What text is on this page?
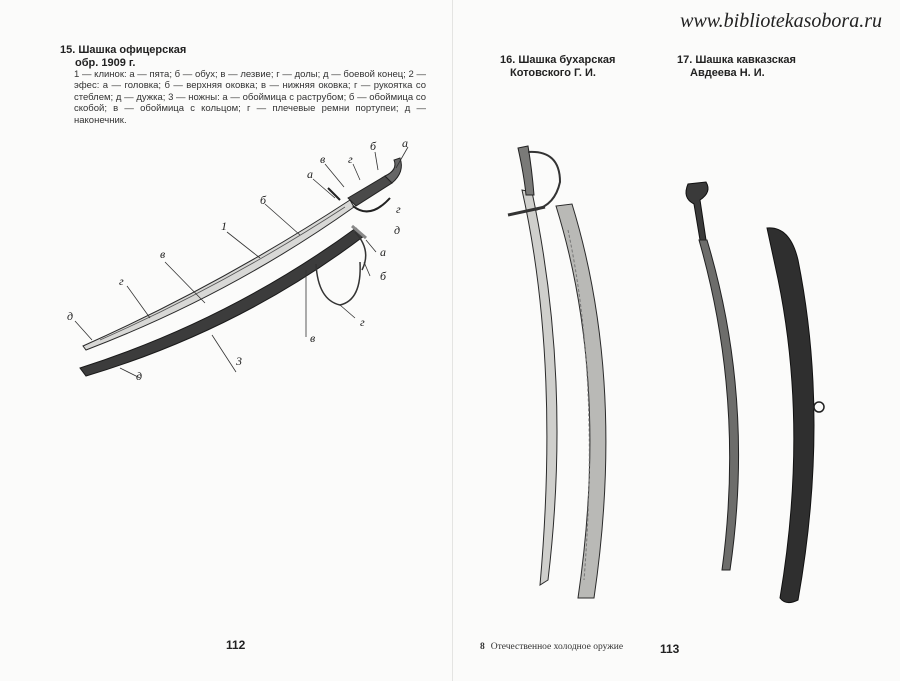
www.bibliotekasobora.ru
15. Шашка офицерская
обр. 1909 г.
1 — клинок: а — пята; б — обух; в — лезвие; г — долы; д — боевой конец; 2 — эфес: а — головка; б — верхняя оковка; в — нижняя оковка; г — рукоятка со стеблем; д — дужка; 3 — ножны: а — обоймица с раструбом; б — обоймица со скобой; в — обоймица с кольцом; г — плечевые ремни портупеи; д — наконечник.
16. Шашка бухарская
Котовского Г. И.
17. Шашка кавказская
Авдеева Н. И.
1
в
г
д
б
а
в г
б а
г
д
3
д
в
г
б
а
112	8 Отечественное холодное оружие	113
